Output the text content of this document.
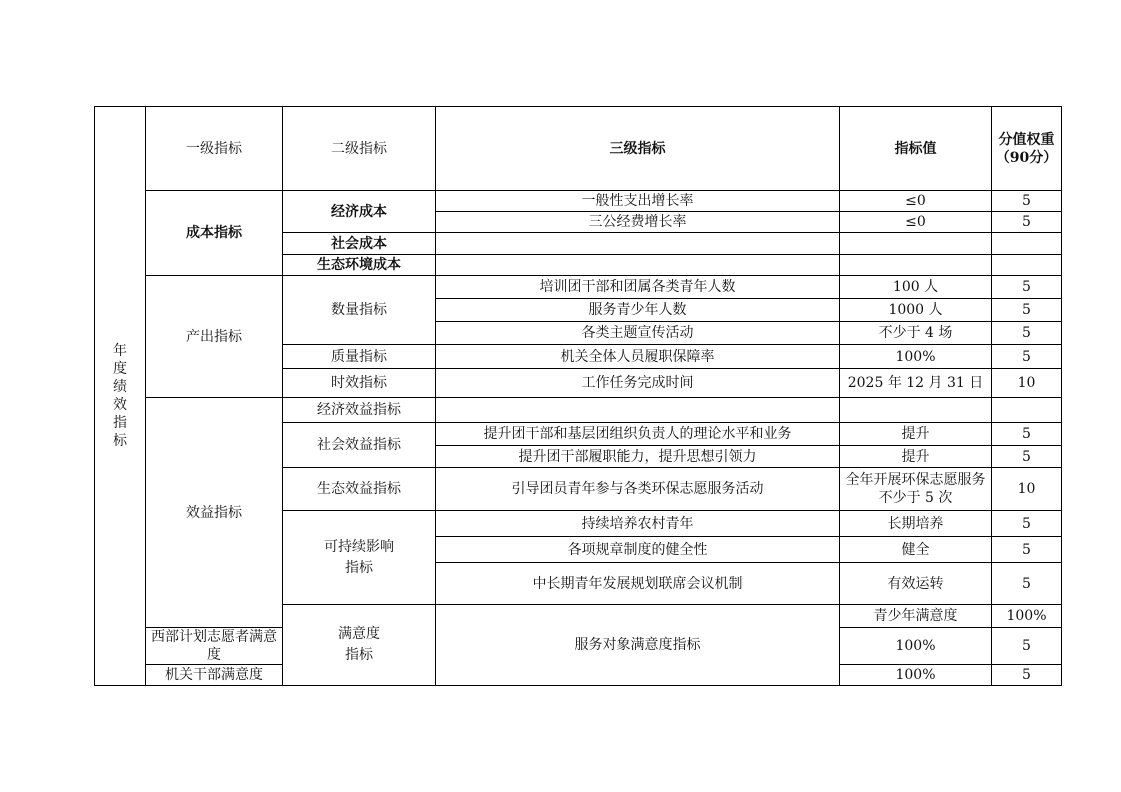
年度绩效指标	一级指标	二级指标	三级指标	指标值	分值权重（90分）	
	成本指标	经济成本	一般性支出增长率	≤0	5	
			三公经费增长率	≤0	5	
		社会成本				
		生态环境成本				
	产出指标	数量指标	培训团干部和团属各类青年人数	100 人	5	
			服务青少年人数	1000 人	5	
			各类主题宣传活动	不少于 4 场	5	
		质量指标	机关全体人员履职保障率	100%	5	
		时效指标	工作任务完成时间	2025 年 12 月 31 日	10	
	效益指标	经济效益指标				
		社会效益指标	提升团干部和基层团组织负责人的理论水平和业务	提升	5	
			提升团干部履职能力，提升思想引领力	提升	5	
		生态效益指标	引导团员青年参与各类环保志愿服务活动	全年开展环保志愿服务不少于 5 次	10	
		可持续影响指标	持续培养农村青年	长期培养	5	
			各项规章制度的健全性	健全	5	
			中长期青年发展规划联席会议机制	有效运转	5	
		满意度指标	服务对象满意度指标	青少年满意度	100%	
	西部计划志愿者满意度			100%	5	
	机关干部满意度			100%	5	
